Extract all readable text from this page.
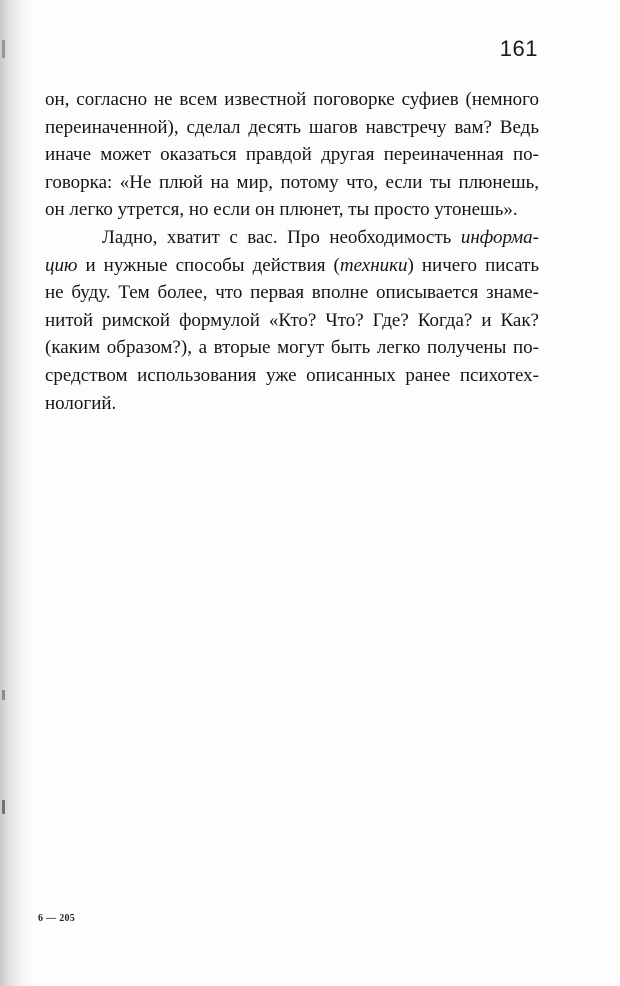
161
он, согласно не всем известной поговорке суфиев (немного
переиначенной), сделал десять шагов навстречу вам? Ведь
иначе может оказаться правдой другая переиначенная по-
говорка: «Не плюй на мир, потому что, если ты плюнешь,
он легко утрется, но если он плюнет, ты просто утонешь».
Ладно, хватит с вас. Про необходимость информа-
цию и нужные способы действия (техники) ничего писать
не буду. Тем более, что первая вполне описывается знаме-
нитой римской формулой «Кто? Что? Где? Когда? и Как?
(каким образом?), а вторые могут быть легко получены по-
средством использования уже описанных ранее психотех-
нологий.
6 — 205
